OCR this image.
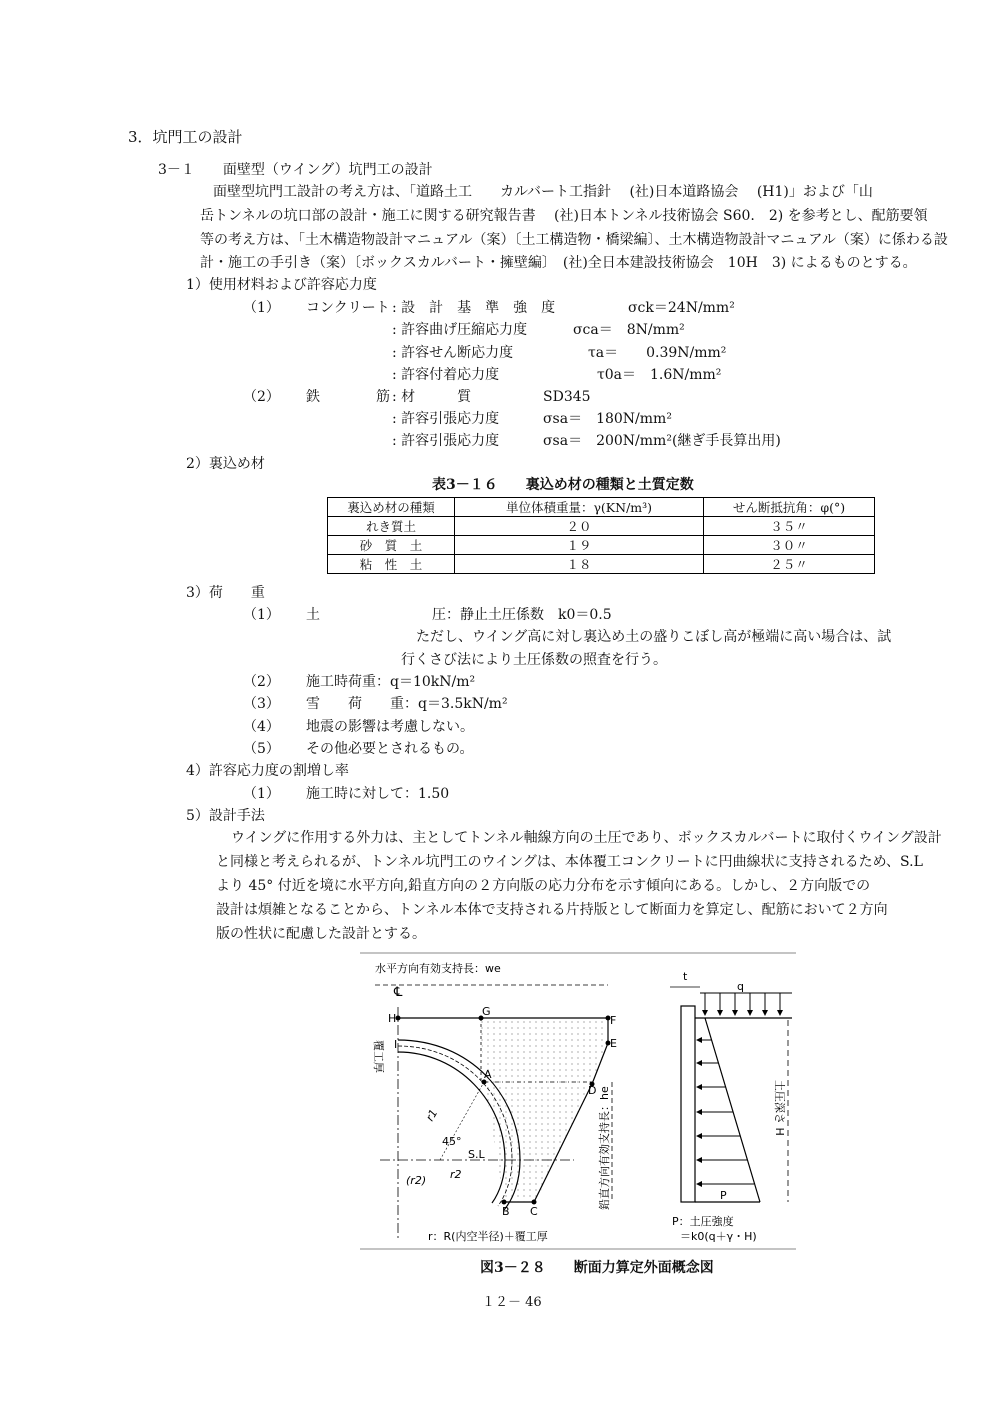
3．坑門工の設計
3－１　　面壁型（ウイング）坑門工の設計
面壁型坑門工設計の考え方は、「道路土工　　カルバート工指針　 (社)日本道路協会　 (H1)」および「山
岳トンネルの坑口部の設計・施工に関する研究報告書　 (社)日本トンネル技術協会 S60.　2) を参考とし、配筋要領
等の考え方は、「土木構造物設計マニュアル（案）〔土工構造物・橋梁編〕、土木構造物設計マニュアル（案）に係わる設
計・施工の手引き（案）〔ボックスカルバート・擁壁編〕　(社)全日本建設技術協会　10H　3) によるものとする。
1）使用材料および許容応力度
（1） コンクリート : 設　計　基　準　強　度	σck＝24N/mm²
: 許容曲げ圧縮応力度	σca＝　8N/mm²
: 許容せん断応力度	τa＝　　0.39N/mm²
: 許容付着応力度	τ0a＝　1.6N/mm²
（2） 鉄　　　　筋 : 材　　　質	SD345
: 許容引張応力度	σsa＝　180N/mm²
: 許容引張応力度	σsa＝　200N/mm²(継ぎ手長算出用)
2）裏込め材
表3－１６　　裏込め材の種類と土質定数
裏込め材の種類	単位体積重量：γ(KN/m³)	せん断抵抗角：φ(°)
れき質土	２０	３５〃
砂　質　土	１９	３０〃
粘　性　土	１８	２５〃
3）荷　　重
（1） 土　　　　　　　　圧：静止土圧係数　k0＝0.5
ただし、ウイング高に対し裏込め土の盛りこぼし高が極端に高い場合は、試
行くさび法により土圧係数の照査を行う。
（2） 施工時荷重：q＝10kN/m²
（3） 雪　　荷　　重：q＝3.5kN/m²
（4） 地震の影響は考慮しない。
（5） その他必要とされるもの。
4）許容応力度の割増し率
（1） 施工時に対して：1.50
5）設計手法
ウイングに作用する外力は、主としてトンネル軸線方向の土圧であり、ボックスカルバートに取付くウイング設計
と同様と考えられるが、トンネル坑門工のウイングは、本体覆工コンクリートに円曲線状に支持されるため、S.L
より 45° 付近を境に水平方向,鉛直方向の２方向版の応力分布を示す傾向にある。しかし、２方向版での
設計は煩雑となることから、トンネル本体で支持される片持版として断面力を算定し、配筋において２方向
版の性状に配慮した設計とする。
水平方向有効支持長：we
℄
H
G
F
I	E
A
D
B C
覆工厚
r1
45°
S.L
(r2) r2	鉛直方向有効支持長：he
r：R(内空半径)＋覆工厚
t
q
土圧深さ H
P
P：土圧強度
＝k0(q＋γ・H)
図3－２８　　断面力算定外面概念図
１２－ 46
